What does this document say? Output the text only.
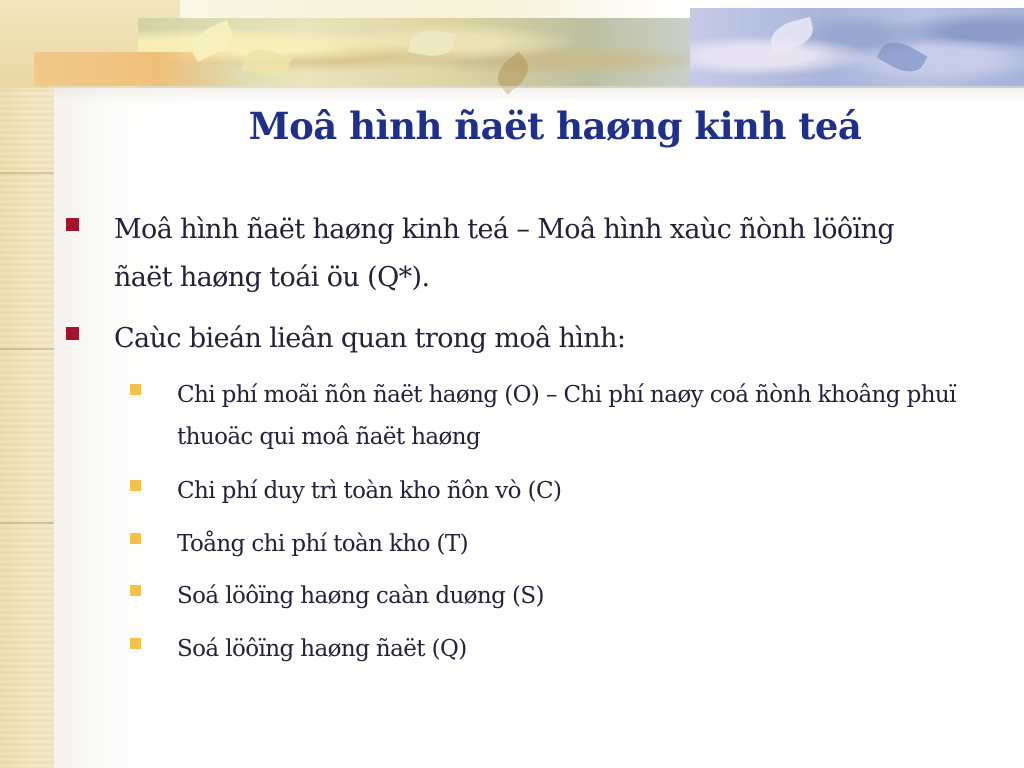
Moâ hình ñaët haøng kinh teá
Moâ hình ñaët haøng kinh teá – Moâ hình xaùc ñònh löôïng ñaët haøng toái öu (Q*).
Caùc bieán lieân quan trong moâ hình:
Chi phí moãi ñôn ñaët haøng (O) – Chi phí naøy coá ñònh khoâng phuï thuoäc qui moâ ñaët haøng
Chi phí duy trì toàn kho ñôn vò (C)
Toång chi phí toàn kho (T)
Soá löôïng haøng caàn duøng (S)
Soá löôïng haøng ñaët (Q)
